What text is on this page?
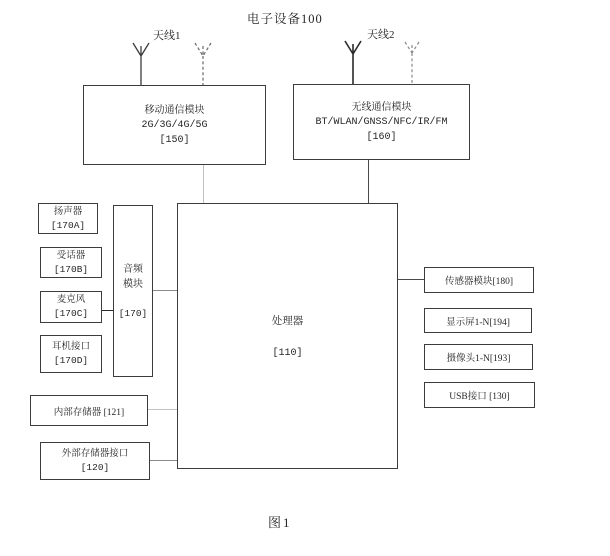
电子设备100
天线1	天线2
移动通信模块
2G/3G/4G/5G
[150]
无线通信模块
BT/WLAN/GNSS/NFC/IR/FM
[160]
处理器
[110]
音频
模块
[170]
扬声器
[170A]
受话器
[170B]
麦克风
[170C]
耳机接口
[170D]
内部存储器 [121]
外部存储器接口
[120]
传感器模块[180]
显示屏1-N[194]
摄像头1-N[193]
USB接口 [130]
图1
